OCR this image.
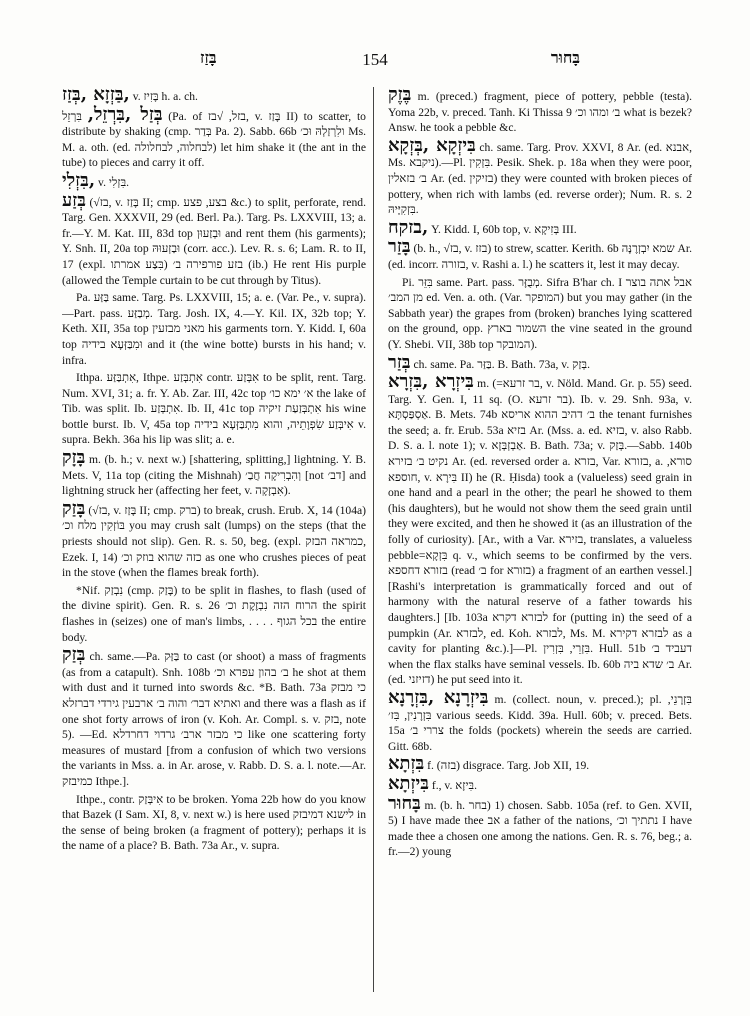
בָּזַז	154	בָּחוּר

בַּזְזָא ,בְּזַז, v. בָּזִיז h. a. ch.

בְּזַל ,בִּרְזֵל, בִּרְזֵל (Pa. of בזל, √בז, v. בָּזַז II) to scatter, to distribute by shaking (cmp. בְּדַר Pa. 2). Sabb. 66b ולִרְזַלְהּ וּכ׳ Ms. M. a. oth. (ed. לבחלוה, לבחלולה) let him shake it (the ant in the tube) to pieces and carry it off.

בִּזְלִי, v. בִּזְלִי.

בְּזַע (√בז, v. בָּזַז II; cmp. בצע, פצע &c.) to split, perforate, rend. Targ. Gen. XXXVII, 29 (ed. Berl. Pa.). Targ. Ps. LXXVIII, 13; a. fr.—Y. M. Kat. III, 83d top וּבְזַעוּן and rent them (his garments); Y. Snh. II, 20a top וּבַזְעוּהּ (corr. acc.). Lev. R. s. 6; Lam. R. to II, 17 (expl. בִּצַע אמרתו) בזע פורפירה ב׳ (ib.) He rent His purple (allowed the Temple curtain to be cut through by Titus).

Pa. בַּזַּע same. Targ. Ps. LXXVIII, 15; a. e. (Var. Pe., v. supra).—Part. pass. מְבַזַּע. Targ. Josh. IX, 4.—Y. Kil. IX, 32b top; Y. Keth. XII, 35a top מאני מבזעין his garments torn. Y. Kidd. I, 60a top וּמִבַּזְּעָא בידיה and it (the wine botte) bursts in his hand; v. infra.

Ithpa. אִתְבַּזַּע, Ithpe. אִתְבְּזַע contr. אִבְּזַע to be split, rent. Targ. Num. XVI, 31; a. fr. Y. Ab. Zar. III, 42c top א׳ ימא כו׳ the lake of Tib. was split. Ib. אִתְבְּזַע. Ib. II, 41c top אִתְבְּזַעַת זיקיה his wine bottle burst. Ib. V, 45a top אִיבְּזַע שִׂפְוָתֵיה, והוא מִתְבַּזְּעָא בידיה v. supra. Bekh. 36a his lip was slit; a. e.

בָּזָק m. (b. h.; v. next w.) [shattering, splitting,] lightning. Y. B. Mets. V, 11a top (citing the Mishnah) וְהִבְרִיקָה חֲבַ׳ [not דב׳] and lightning struck her (affecting her feet, v. אִבְזָקָה).

בָּזַק (√בז, v. בָּזַז II; cmp. ברק) to break, crush. Erub. X, 14 (104a) בּוֹזְקִין מלח וכ׳ you may crush salt (lumps) on the steps (that the priests should not slip). Gen. R. s. 50, beg. (expl. כמראה הבזק, Ezek. I, 14) כזה שהוא בוזק וכ׳ as one who crushes pieces of peat in the stove (when the flames break forth).

*Nif. נִבְזַק (cmp. בָּזַק) to be split in flashes, to flash (used of the divine spirit). Gen. R. s. 26 הרוח הזה נִבְזֶקֶת וכ׳ the spirit flashes in (seizes) one of man's limbs, . . . . בכל הגוף the entire body.

בְּזַק ch. same.—Pa. בַּזַּק to cast (or shoot) a mass of fragments (as from a catapult). Snh. 108b ב׳ בהון עפרא וכ׳ he shot at them with dust and it turned into swords &c. *B. Bath. 73a כי מבזק ואתיא דבר׳ והוה ב׳ ארבעין גירדי דברזלא and there was a flash as if one shot forty arrows of iron (v. Koh. Ar. Compl. s. v. בזק, note 5). —Ed. כי מבזר ארב׳ גרדוי דחרדלא like one scattering forty measures of mustard [from a confusion of which two versions the variants in Mss. a. in Ar. arose, v. Rabb. D. S. a. l. note.—Ar. כמיבזק Ithpe.].

Ithpe., contr. אִיבְּזַק to be broken. Yoma 22b how do you know that Bazek (I Sam. XI, 8, v. next w.) is here used לישנא דמיבזק in the sense of being broken (a fragment of pottery); perhaps it is the name of a place? B. Bath. 73a Ar., v. supra.

בֶּזֶק m. (preced.) fragment, piece of pottery, pebble (testa). Yoma 22b, v. preced. Tanh. Ki Thissa 9 ב׳ ומהו וכ׳ what is bezek? Answ. he took a pebble &c.

בִּיזְקָא ,בְּזְקָא ch. same. Targ. Prov. XXVI, 8 Ar. (ed. אבנא, Ms. ניקבא).—Pl. בִּזְקִין. Pesik. Shek. p. 18a when they were poor, ב׳ בזאלין Ar. (ed. בזיקין) they were counted with broken pieces of pottery, when rich with lambs (ed. reverse order); Num. R. s. 2 בִּזְקִיָּיהּ.

בזקח, Y. Kidd. I, 60b top, v. בְּזִיקָא III.

בָּזַר (b. h., √בז, v. בזז) to strew, scatter. Kerith. 6b שמא יִבְזְרֶנָּה Ar. (ed. incorr. בזורה, v. Rashi a. l.) he scatters it, lest it may decay.

Pi. בִּזֵּר same. Part. pass. מְבֻזָּר. Sifra B'har ch. I אבל אתה בוצר מן המב׳ ed. Ven. a. oth. (Var. המופקר) but you may gather (in the Sabbath year) the grapes from (broken) branches lying scattered on the ground, opp. השמור בארץ the vine seated in the ground (Y. Shebi. VII, 38b top המובקר).

בְּזַר ch. same. Pa. בַּזַּר. B. Bath. 73a, v. בְּזַק.

בִּיזְרָא ,בִּזְרָא m. (=בר זרעא, v. Nöld. Mand. Gr. p. 55) seed. Targ. Y. Gen. I, 11 sq. (O. בר זרעא). Ib. v. 29. Snh. 93a, v. אַסְפַּסְתָּא. B. Mets. 74b ב׳ דהיב ההוא אריסא the tenant furnishes the seed; a. fr. Erub. 53a בזיא Ar. (Mss. a. ed. בזיא, v. also Rabb. D. S. a. l. note 1); v. אַבְזְבְּזָא. B. Bath. 73a; v. בְּזַק.—Sabb. 140b נקיט ב׳ בזירא Ar. (ed. reversed order a. בזרא, Var. בזורא, a. סורא, חוספא, v. בִּירָא II) he (R. Ḥisda) took a (valueless) seed grain in one hand and a pearl in the other; the pearl he showed to them (his daughters), but he would not show them the seed grain until they were excited, and then he showed it (as an illustration of the folly of curiosity). [Ar., with a Var. בזירא, translates, a valueless pebble=בִּזְקָא q. v., which seems to be confirmed by the vers. בזורא דחספא (read ב׳ for בזורא) a fragment of an earthen vessel.] [Rashi's interpretation is grammatically forced and out of harmony with the natural reserve of a father towards his daughters.] [Ib. 103a לבזרא דקרא for (putting in) the seed of a pumpkin (Ar. לבזרא, ed. Koh. לבזרא, Ms. M. לבזרא דקירא as a cavity for planting &c.).]—Pl. בִּזְרֵי, בִּזְרִין. Hull. 51b דעביד ב׳ when the flax stalks have seminal vessels. Ib. 60b ב׳ שדא ביה Ar. (ed. דזיזני) he put seed into it.

בִּיזְרָנָא ,בִּזְרָנָא m. (collect. noun, v. preced.); pl. בִּזְרָנֵי, בִּזְרָנִין, בִּז׳ various seeds. Kidd. 39a. Hull. 60b; v. preced. Bets. 15a צררי ב׳ the folds (pockets) wherein the seeds are carried. Gitt. 68b.

בִּזְתָא f. (בזה) disgrace. Targ. Job XII, 19.

בִּיזְתָא f., v. בִּיזָא.

בָּחוּר m. (b. h. בחר) 1) chosen. Sabb. 105a (ref. to Gen. XVII, 5) I have made thee אב a father of the nations, נתתיך וכ׳ I have made thee a chosen one among the nations. Gen. R. s. 76, beg.; a. fr.—2) young
